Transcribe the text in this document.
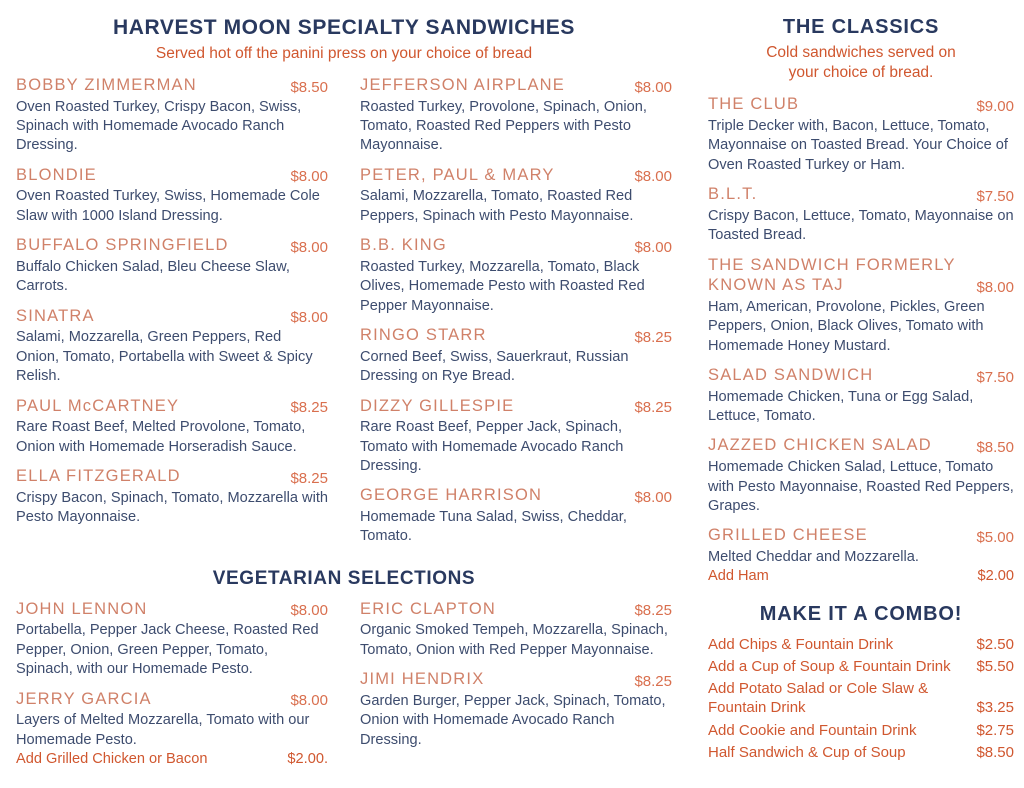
HARVEST MOON SPECIALTY SANDWICHES
Served hot off the panini press on your choice of bread
BOBBY ZIMMERMAN	$8.50
Oven Roasted Turkey, Crispy Bacon, Swiss, Spinach with Homemade Avocado Ranch Dressing.
BLONDIE	$8.00
Oven Roasted Turkey, Swiss, Homemade Cole Slaw with 1000 Island Dressing.
BUFFALO SPRINGFIELD	$8.00
Buffalo Chicken Salad, Bleu Cheese Slaw, Carrots.
SINATRA	$8.00
Salami, Mozzarella, Green Peppers, Red Onion, Tomato, Portabella with Sweet & Spicy Relish.
PAUL McCARTNEY	$8.25
Rare Roast Beef, Melted Provolone, Tomato, Onion with Homemade Horseradish Sauce.
ELLA FITZGERALD	$8.25
Crispy Bacon, Spinach, Tomato, Mozzarella with Pesto Mayonnaise.
JEFFERSON AIRPLANE	$8.00
Roasted Turkey, Provolone, Spinach, Onion, Tomato, Roasted Red Peppers with Pesto Mayonnaise.
PETER, PAUL & MARY	$8.00
Salami, Mozzarella, Tomato, Roasted Red Peppers, Spinach with Pesto Mayonnaise.
B.B. KING	$8.00
Roasted Turkey, Mozzarella, Tomato, Black Olives, Homemade Pesto with Roasted Red Pepper Mayonnaise.
RINGO STARR	$8.25
Corned Beef, Swiss, Sauerkraut, Russian Dressing on Rye Bread.
DIZZY GILLESPIE	$8.25
Rare Roast Beef, Pepper Jack, Spinach, Tomato with Homemade Avocado Ranch Dressing.
GEORGE HARRISON	$8.00
Homemade Tuna Salad, Swiss, Cheddar, Tomato.
VEGETARIAN SELECTIONS
JOHN LENNON	$8.00
Portabella, Pepper Jack Cheese, Roasted Red Pepper, Onion, Green Pepper, Tomato, Spinach, with our Homemade Pesto.
JERRY GARCIA	$8.00
Layers of Melted Mozzarella, Tomato with our Homemade Pesto.
Add Grilled Chicken or Bacon	$2.00.
ERIC CLAPTON	$8.25
Organic Smoked Tempeh, Mozzarella, Spinach, Tomato, Onion with Red Pepper Mayonnaise.
JIMI HENDRIX	$8.25
Garden Burger, Pepper Jack, Spinach, Tomato, Onion with Homemade Avocado Ranch Dressing.
THE CLASSICS
Cold sandwiches served on
your choice of bread.
THE CLUB	$9.00
Triple Decker with, Bacon, Lettuce, Tomato, Mayonnaise on Toasted Bread. Your Choice of Oven Roasted Turkey or Ham.
B.L.T.	$7.50
Crispy Bacon, Lettuce, Tomato, Mayonnaise on Toasted Bread.
THE SANDWICH FORMERLY KNOWN AS TAJ	$8.00
Ham, American, Provolone, Pickles, Green Peppers, Onion, Black Olives, Tomato with Homemade Honey Mustard.
SALAD SANDWICH	$7.50
Homemade Chicken, Tuna or Egg Salad, Lettuce, Tomato.
JAZZED CHICKEN SALAD	$8.50
Homemade Chicken Salad, Lettuce, Tomato with Pesto Mayonnaise, Roasted Red Peppers, Grapes.
GRILLED CHEESE	$5.00
Melted Cheddar and Mozzarella.
Add Ham	$2.00
MAKE IT A COMBO!
Add Chips & Fountain Drink	$2.50
Add a Cup of Soup & Fountain Drink	$5.50
Add Potato Salad or Cole Slaw & Fountain Drink	$3.25
Add Cookie and Fountain Drink	$2.75
Half Sandwich & Cup of Soup	$8.50
